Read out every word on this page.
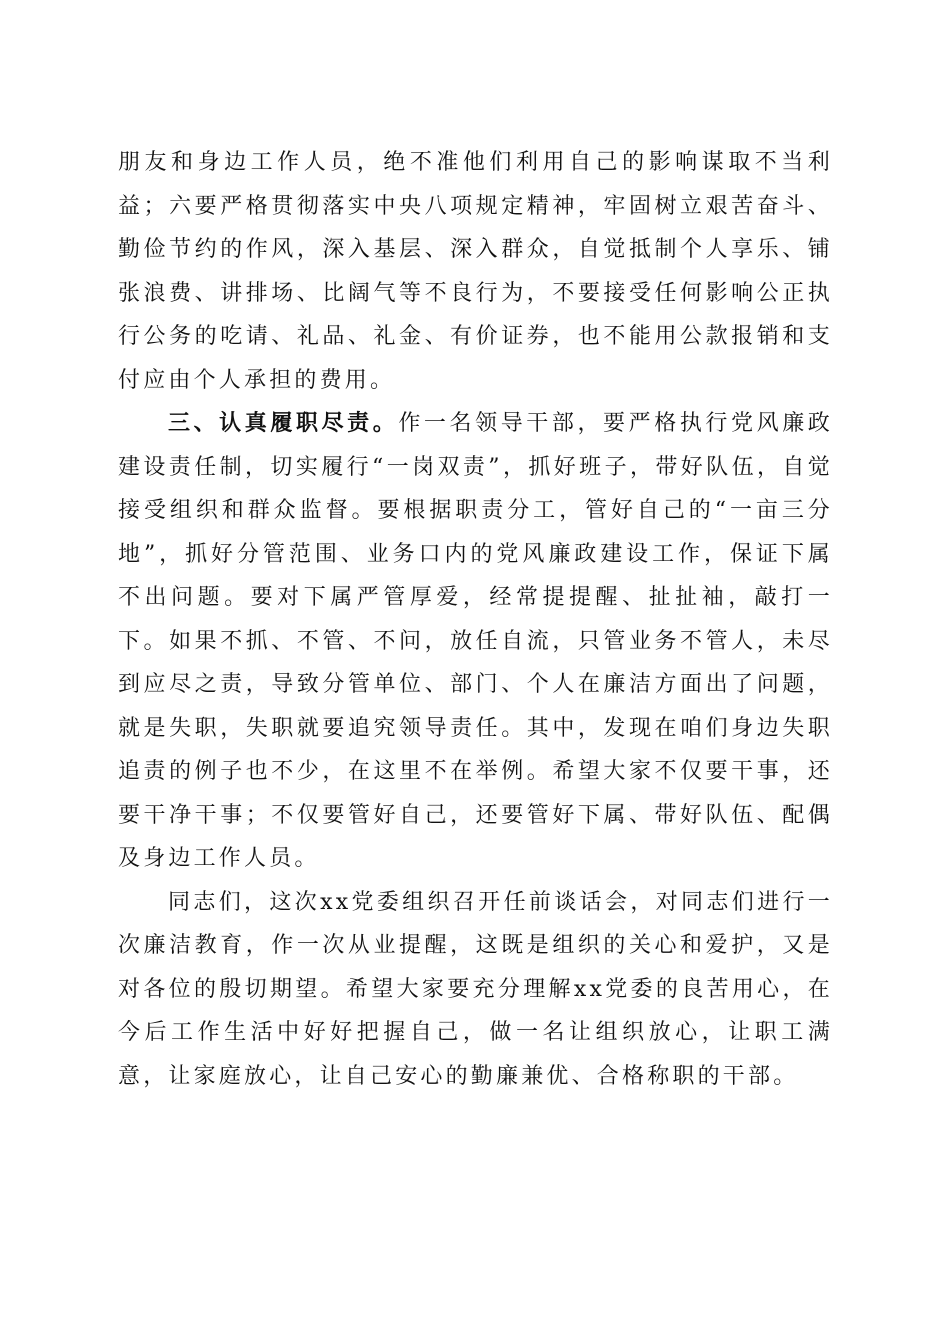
朋友和身边工作人员，绝不准他们利用自己的影响谋取不当利益；六要严格贯彻落实中央八项规定精神，牢固树立艰苦奋斗、勤俭节约的作风，深入基层、深入群众，自觉抵制个人享乐、铺张浪费、讲排场、比阔气等不良行为，不要接受任何影响公正执行公务的吃请、礼品、礼金、有价证券，也不能用公款报销和支付应由个人承担的费用。

三、认真履职尽责。作一名领导干部，要严格执行党风廉政建设责任制，切实履行“一岗双责”，抓好班子，带好队伍，自觉接受组织和群众监督。要根据职责分工，管好自己的“一亩三分地”，抓好分管范围、业务口内的党风廉政建设工作，保证下属不出问题。要对下属严管厚爱，经常提提醒、扯扯袖，敲打一下。如果不抓、不管、不问，放任自流，只管业务不管人，未尽到应尽之责，导致分管单位、部门、个人在廉洁方面出了问题，就是失职，失职就要追究领导责任。其中，发现在咱们身边失职追责的例子也不少，在这里不在举例。希望大家不仅要干事，还要干净干事；不仅要管好自己，还要管好下属、带好队伍、配偶及身边工作人员。

同志们，这次xx党委组织召开任前谈话会，对同志们进行一次廉洁教育，作一次从业提醒，这既是组织的关心和爱护，又是对各位的殷切期望。希望大家要充分理解xx党委的良苦用心，在今后工作生活中好好把握自己，做一名让组织放心，让职工满意，让家庭放心，让自己安心的勤廉兼优、合格称职的干部。
